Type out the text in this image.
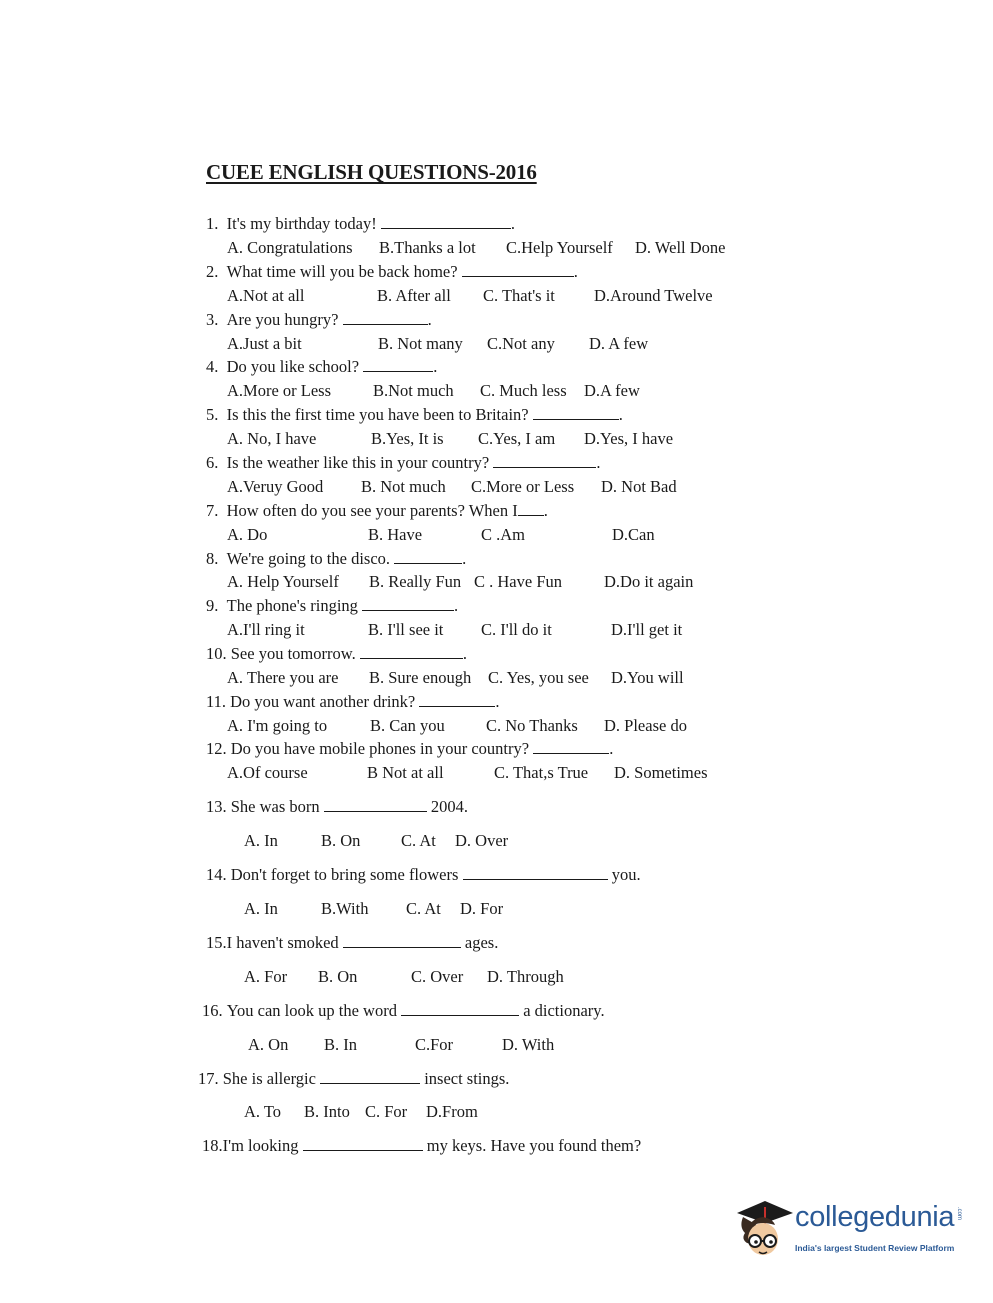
CUEE ENGLISH QUESTIONS-2016
1. It's my birthday today!	.
A. Congratulations B.Thanks a lot C.Help Yourself D. Well Done
2. What time will you be back home?	.
A.Not at all	B. After all C. That's it D.Around Twelve
3. Are you hungry?	.
A.Just a bit	B. Not many C.Not any D. A few
4. Do you like school?	.
A.More or Less	B.Not much C. Much less D.A few
5. Is this the first time you have been to Britain?	.
A. No, I have	B.Yes, It is C.Yes, I am D.Yes, I have
6. Is the weather like this in your country?	.
A.Veruy Good B. Not much C.More or Less D. Not Bad
7. How often do you see your parents? When I .
A. Do	B. Have	C .Am	D.Can
8. We're going to the disco.	.
A. Help Yourself B. Really Fun C . Have Fun	D.Do it again
9. The phone's ringing	.
A.I'll ring it	B. I'll see it C. I'll do it	D.I'll get it
10. See you tomorrow.	.
A. There you are B. Sure enough C. Yes, you see D.You will
11. Do you want another drink?	.
A. I'm going to	B. Can you	C. No Thanks D. Please do
12. Do you have mobile phones in your country?	.
A.Of course	B Not at all	C. That,s True D. Sometimes
13. She was born	2004.
A. In	B. On C. At D. Over
14. Don't forget to bring some flowers	you.
A. In	B.With C. At D. For
15.I haven't smoked	ages.
A. For B. On	C. Over D. Through
16. You can look up the word	a dictionary.
A. On B. In	C.For	D. With
17. She is allergic	insect stings.
A. To B. Into C. For D.From
18.I'm looking	my keys. Have you found them?
collegedunia .com
India's largest Student Review Platform
